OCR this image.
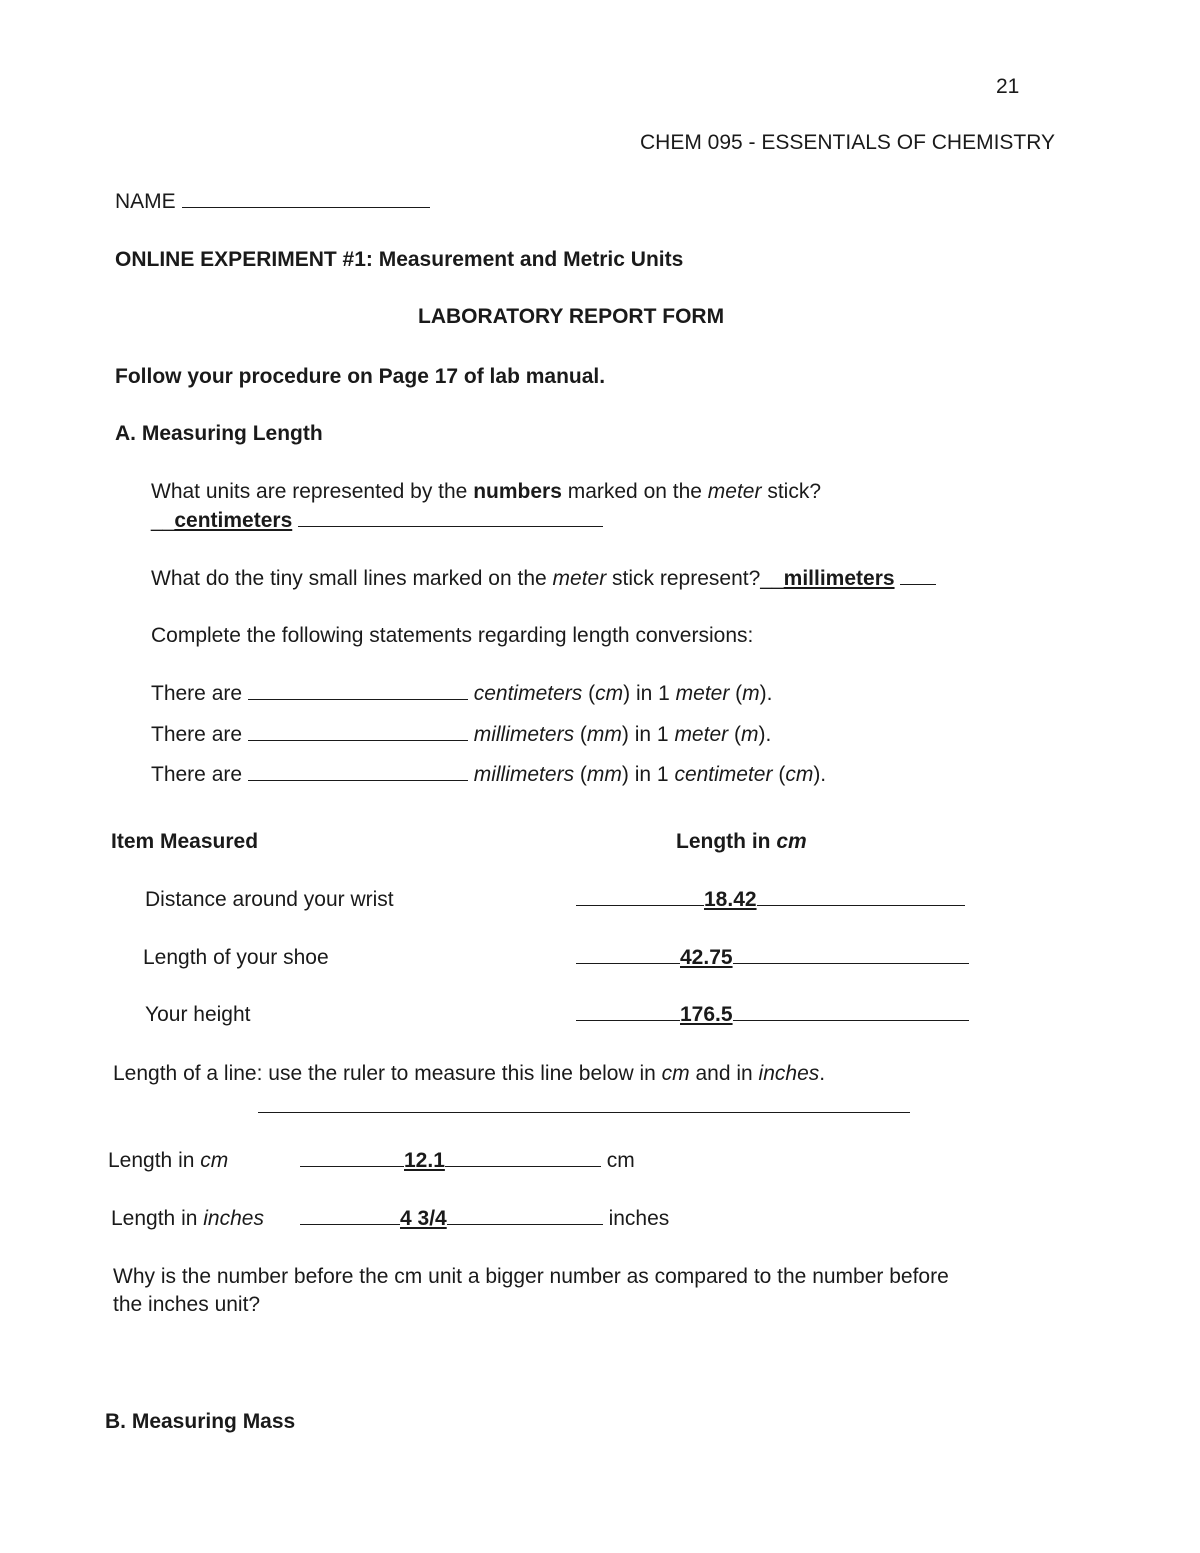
21
CHEM 095 - ESSENTIALS OF CHEMISTRY
NAME
ONLINE EXPERIMENT #1: Measurement and Metric Units
LABORATORY REPORT FORM
Follow your procedure on Page 17 of lab manual.
A. Measuring Length
What units are represented by the numbers marked on the meter stick?
__centimeters
What do the tiny small lines marked on the meter stick represent?__millimeters
Complete the following statements regarding length conversions:
There are	centimeters (cm) in 1 meter (m).
There are	millimeters (mm) in 1 meter (m).
There are	millimeters (mm) in 1 centimeter (cm).
Item Measured	Length in cm
Distance around your wrist	18.42
Length of your shoe	42.75
Your height	176.5
Length of a line: use the ruler to measure this line below in cm and in inches.
Length in cm	12.1	cm
Length in inches	4 3/4	inches
Why is the number before the cm unit a bigger number as compared to the number before
the inches unit?
B. Measuring Mass
